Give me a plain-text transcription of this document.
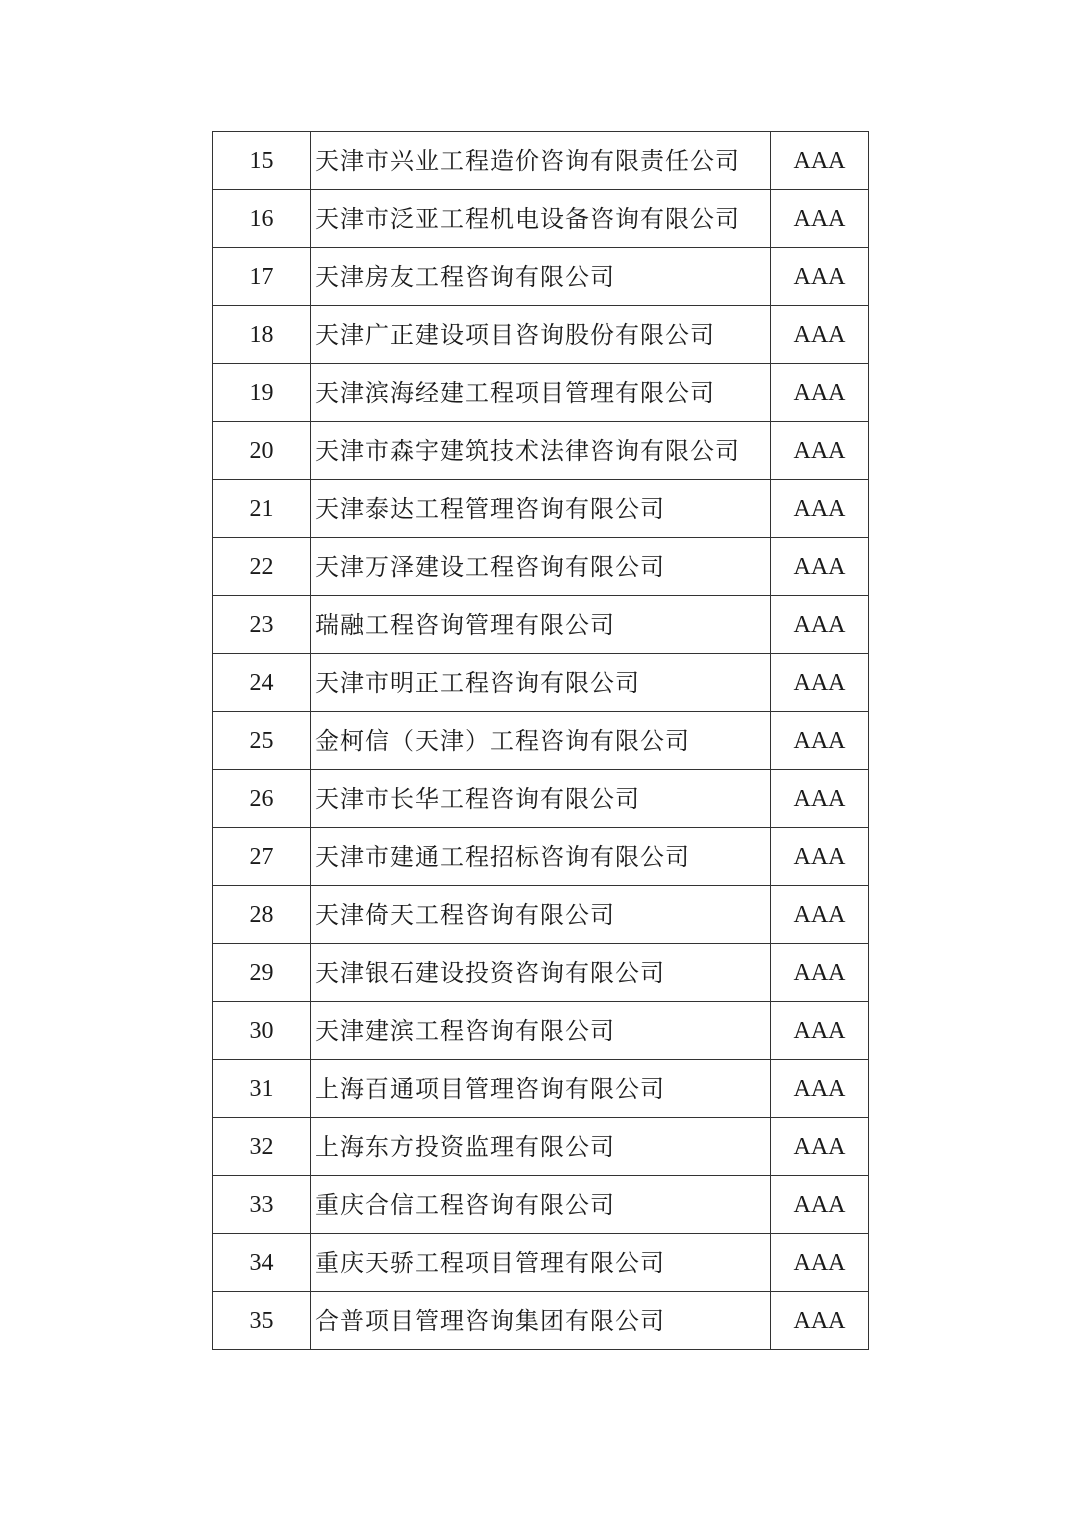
15	天津市兴业工程造价咨询有限责任公司	AAA
16	天津市泛亚工程机电设备咨询有限公司	AAA
17	天津房友工程咨询有限公司	AAA
18	天津广正建设项目咨询股份有限公司	AAA
19	天津滨海经建工程项目管理有限公司	AAA
20	天津市森宇建筑技术法律咨询有限公司	AAA
21	天津泰达工程管理咨询有限公司	AAA
22	天津万泽建设工程咨询有限公司	AAA
23	瑞融工程咨询管理有限公司	AAA
24	天津市明正工程咨询有限公司	AAA
25	金柯信（天津）工程咨询有限公司	AAA
26	天津市长华工程咨询有限公司	AAA
27	天津市建通工程招标咨询有限公司	AAA
28	天津倚天工程咨询有限公司	AAA
29	天津银石建设投资咨询有限公司	AAA
30	天津建滨工程咨询有限公司	AAA
31	上海百通项目管理咨询有限公司	AAA
32	上海东方投资监理有限公司	AAA
33	重庆合信工程咨询有限公司	AAA
34	重庆天骄工程项目管理有限公司	AAA
35	合普项目管理咨询集团有限公司	AAA
